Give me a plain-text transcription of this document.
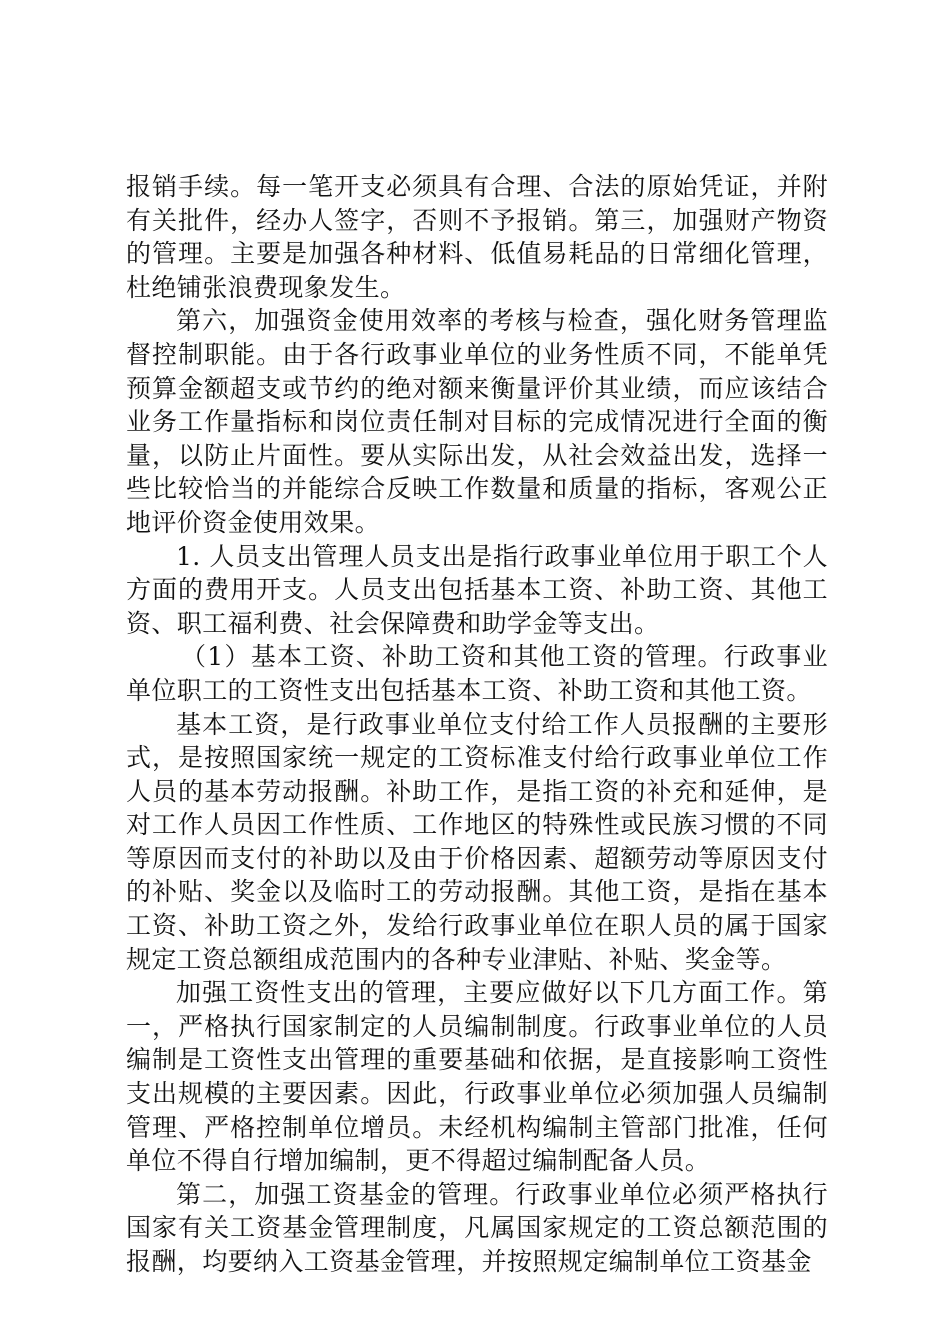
报销手续。每一笔开支必须具有合理、合法的原始凭证，并附有关批件，经办人签字，否则不予报销。第三，加强财产物资的管理。主要是加强各种材料、低值易耗品的日常细化管理，杜绝铺张浪费现象发生。

第六，加强资金使用效率的考核与检查，强化财务管理监督控制职能。由于各行政事业单位的业务性质不同，不能单凭预算金额超支或节约的绝对额来衡量评价其业绩，而应该结合业务工作量指标和岗位责任制对目标的完成情况进行全面的衡量，以防止片面性。要从实际出发，从社会效益出发，选择一些比较恰当的并能综合反映工作数量和质量的指标，客观公正地评价资金使用效果。

1. 人员支出管理人员支出是指行政事业单位用于职工个人方面的费用开支。人员支出包括基本工资、补助工资、其他工资、职工福利费、社会保障费和助学金等支出。

（1）基本工资、补助工资和其他工资的管理。行政事业单位职工的工资性支出包括基本工资、补助工资和其他工资。

基本工资，是行政事业单位支付给工作人员报酬的主要形式，是按照国家统一规定的工资标准支付给行政事业单位工作人员的基本劳动报酬。补助工作，是指工资的补充和延伸，是对工作人员因工作性质、工作地区的特殊性或民族习惯的不同等原因而支付的补助以及由于价格因素、超额劳动等原因支付的补贴、奖金以及临时工的劳动报酬。其他工资，是指在基本工资、补助工资之外，发给行政事业单位在职人员的属于国家规定工资总额组成范围内的各种专业津贴、补贴、奖金等。

加强工资性支出的管理，主要应做好以下几方面工作。第一，严格执行国家制定的人员编制制度。行政事业单位的人员编制是工资性支出管理的重要基础和依据，是直接影响工资性支出规模的主要因素。因此，行政事业单位必须加强人员编制管理、严格控制单位增员。未经机构编制主管部门批准，任何单位不得自行增加编制，更不得超过编制配备人员。

第二，加强工资基金的管理。行政事业单位必须严格执行国家有关工资基金管理制度，凡属国家规定的工资总额范围的报酬，均要纳入工资基金管理，并按照规定编制单位工资基金
